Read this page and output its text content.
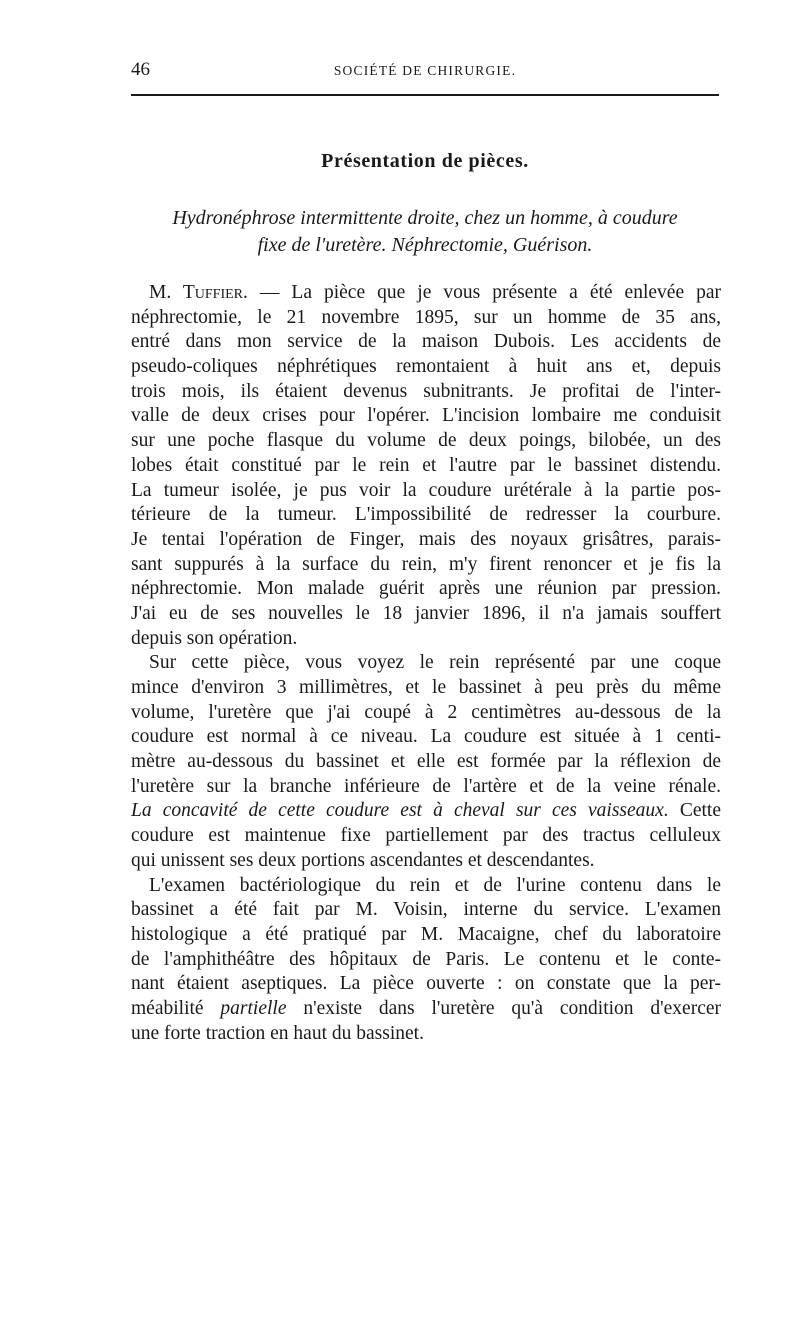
46	SOCIÉTÉ DE CHIRURGIE.
Présentation de pièces.
Hydronéphrose intermittente droite, chez un homme, à coudure
fixe de l'uretère. Néphrectomie, Guérison.
M. Tuffier. — La pièce que je vous présente a été enlevée par
néphrectomie, le 21 novembre 1895, sur un homme de 35 ans,
entré dans mon service de la maison Dubois. Les accidents de
pseudo-coliques néphrétiques remontaient à huit ans et, depuis
trois mois, ils étaient devenus subnitrants. Je profitai de l'inter-
valle de deux crises pour l'opérer. L'incision lombaire me conduisit
sur une poche flasque du volume de deux poings, bilobée, un des
lobes était constitué par le rein et l'autre par le bassinet distendu.
La tumeur isolée, je pus voir la coudure urétérale à la partie pos-
térieure de la tumeur. L'impossibilité de redresser la courbure.
Je tentai l'opération de Finger, mais des noyaux grisâtres, parais-
sant suppurés à la surface du rein, m'y firent renoncer et je fis la
néphrectomie. Mon malade guérit après une réunion par pression.
J'ai eu de ses nouvelles le 18 janvier 1896, il n'a jamais souffert
depuis son opération.
Sur cette pièce, vous voyez le rein représenté par une coque
mince d'environ 3 millimètres, et le bassinet à peu près du même
volume, l'uretère que j'ai coupé à 2 centimètres au-dessous de la
coudure est normal à ce niveau. La coudure est située à 1 centi-
mètre au-dessous du bassinet et elle est formée par la réflexion de
l'uretère sur la branche inférieure de l'artère et de la veine rénale.
La concavité de cette coudure est à cheval sur ces vaisseaux. Cette
coudure est maintenue fixe partiellement par des tractus celluleux
qui unissent ses deux portions ascendantes et descendantes.
L'examen bactériologique du rein et de l'urine contenu dans le
bassinet a été fait par M. Voisin, interne du service. L'examen
histologique a été pratiqué par M. Macaigne, chef du laboratoire
de l'amphithéâtre des hôpitaux de Paris. Le contenu et le conte-
nant étaient aseptiques. La pièce ouverte : on constate que la per-
méabilité partielle n'existe dans l'uretère qu'à condition d'exercer
une forte traction en haut du bassinet.
